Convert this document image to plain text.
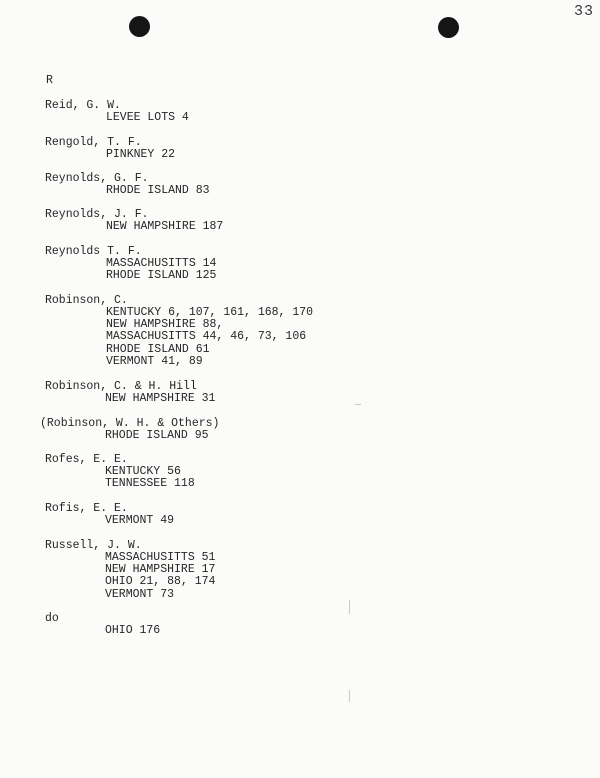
33
R
Reid, G. W.
LEVEE LOTS 4
Rengold, T. F.
PINKNEY 22
Reynolds, G. F.
RHODE ISLAND 83
Reynolds, J. F.
NEW HAMPSHIRE 187
Reynolds T. F.
MASSACHUSITTS 14
RHODE ISLAND 125
Robinson, C.
KENTUCKY 6, 107, 161, 168, 170
NEW HAMPSHIRE 88,
MASSACHUSITTS 44, 46, 73, 106
RHODE ISLAND 61
VERMONT 41, 89
Robinson, C. & H. Hill
NEW HAMPSHIRE 31
(Robinson, W. H. & Others)
RHODE ISLAND 95
Rofes, E. E.
KENTUCKY 56
TENNESSEE 118
Rofis, E. E.
VERMONT 49
Russell, J. W.
MASSACHUSITTS 51
NEW HAMPSHIRE 17
OHIO 21, 88, 174
VERMONT 73
do
OHIO 176
